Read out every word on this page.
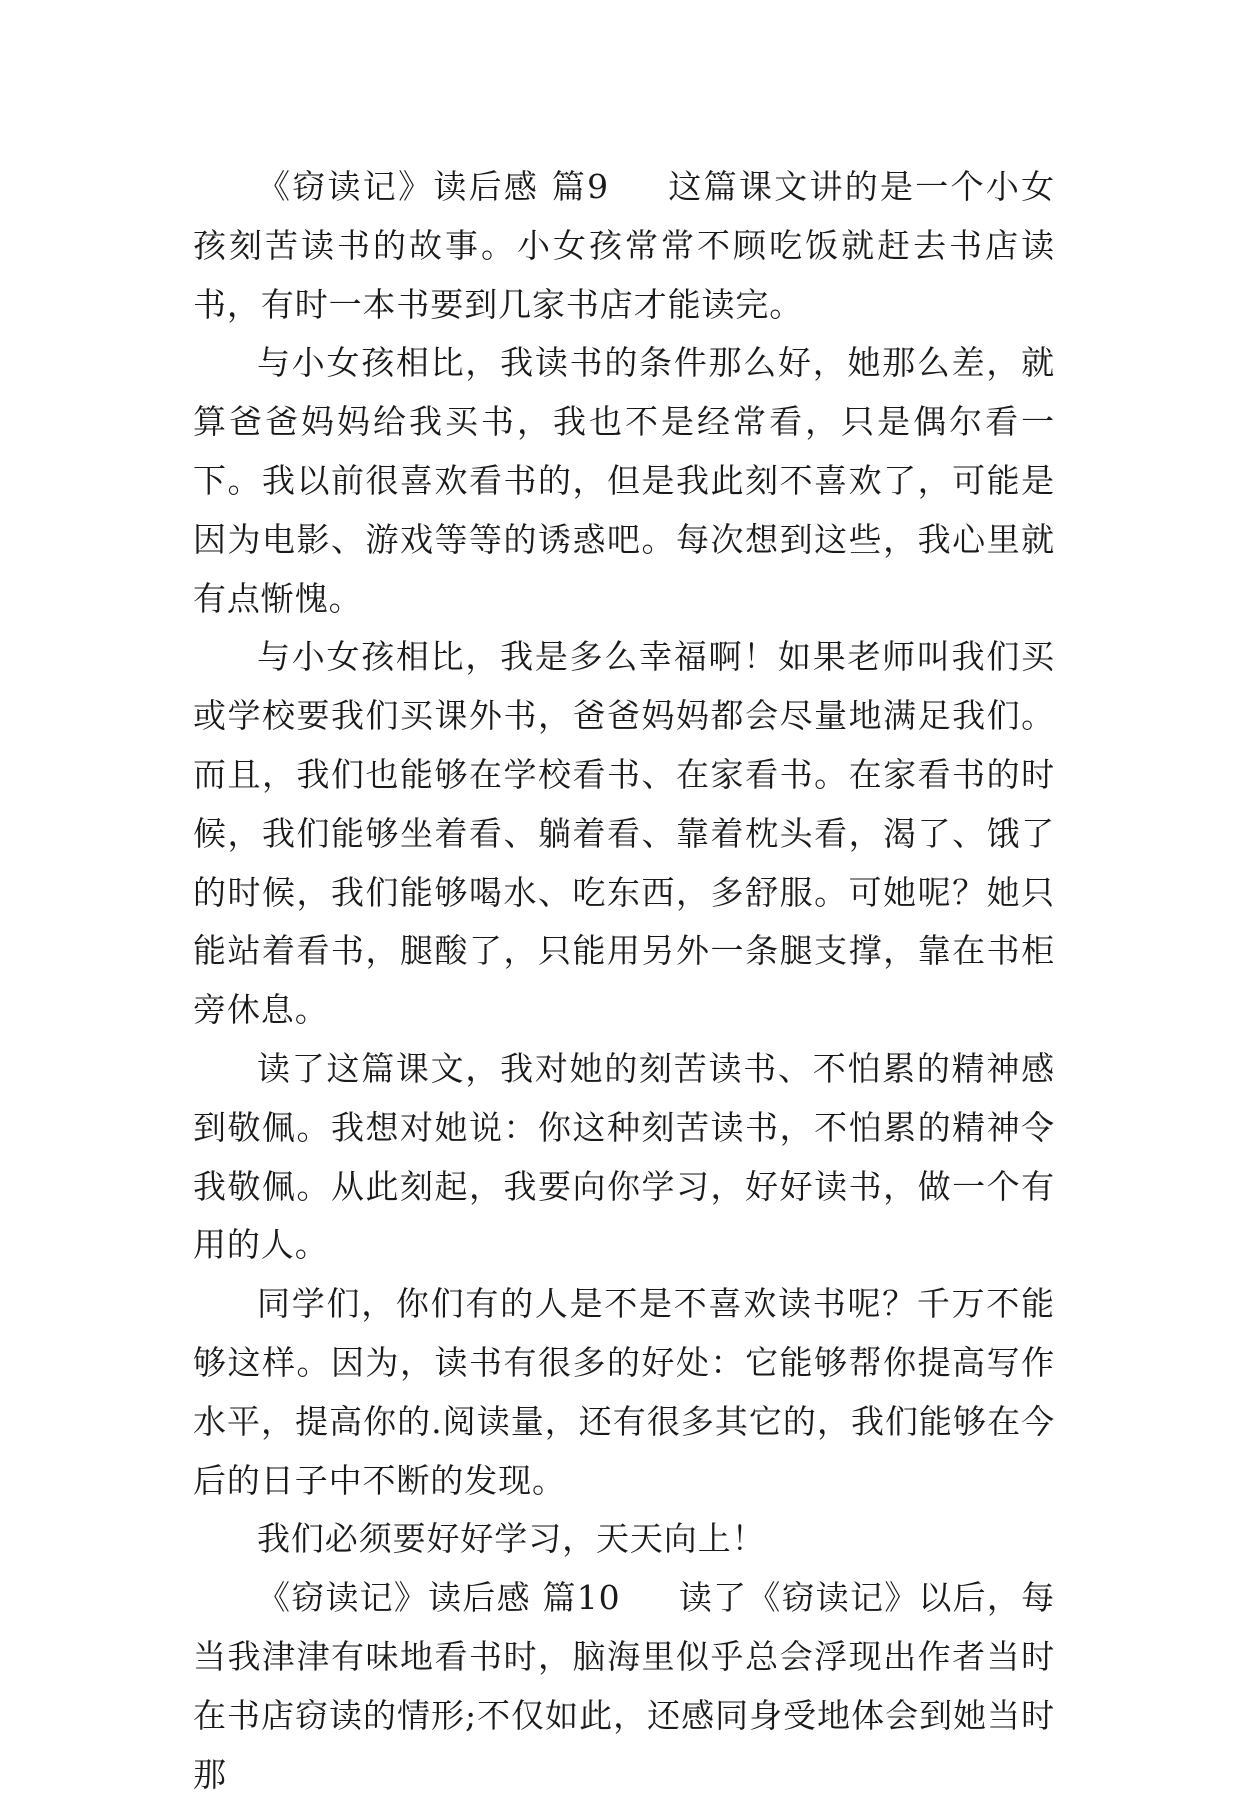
《窃读记》读后感 篇9 这篇课文讲的是一个小女孩刻苦读书的故事。小女孩常常不顾吃饭就赶去书店读书，有时一本书要到几家书店才能读完。

与小女孩相比，我读书的条件那么好，她那么差，就算爸爸妈妈给我买书，我也不是经常看，只是偶尔看一下。我以前很喜欢看书的，但是我此刻不喜欢了，可能是因为电影、游戏等等的诱惑吧。每次想到这些，我心里就有点惭愧。

与小女孩相比，我是多么幸福啊！如果老师叫我们买或学校要我们买课外书，爸爸妈妈都会尽量地满足我们。而且，我们也能够在学校看书、在家看书。在家看书的时候，我们能够坐着看、躺着看、靠着枕头看，渴了、饿了的时候，我们能够喝水、吃东西，多舒服。可她呢？她只能站着看书，腿酸了，只能用另外一条腿支撑，靠在书柜旁休息。

读了这篇课文，我对她的刻苦读书、不怕累的精神感到敬佩。我想对她说：你这种刻苦读书，不怕累的精神令我敬佩。从此刻起，我要向你学习，好好读书，做一个有用的人。

同学们，你们有的人是不是不喜欢读书呢？千万不能够这样。因为，读书有很多的好处：它能够帮你提高写作水平，提高你的.阅读量，还有很多其它的，我们能够在今后的日子中不断的发现。

我们必须要好好学习，天天向上！

《窃读记》读后感 篇10 读了《窃读记》以后，每当我津津有味地看书时，脑海里似乎总会浮现出作者当时在书店窃读的情形;不仅如此，还感同身受地体会到她当时那
